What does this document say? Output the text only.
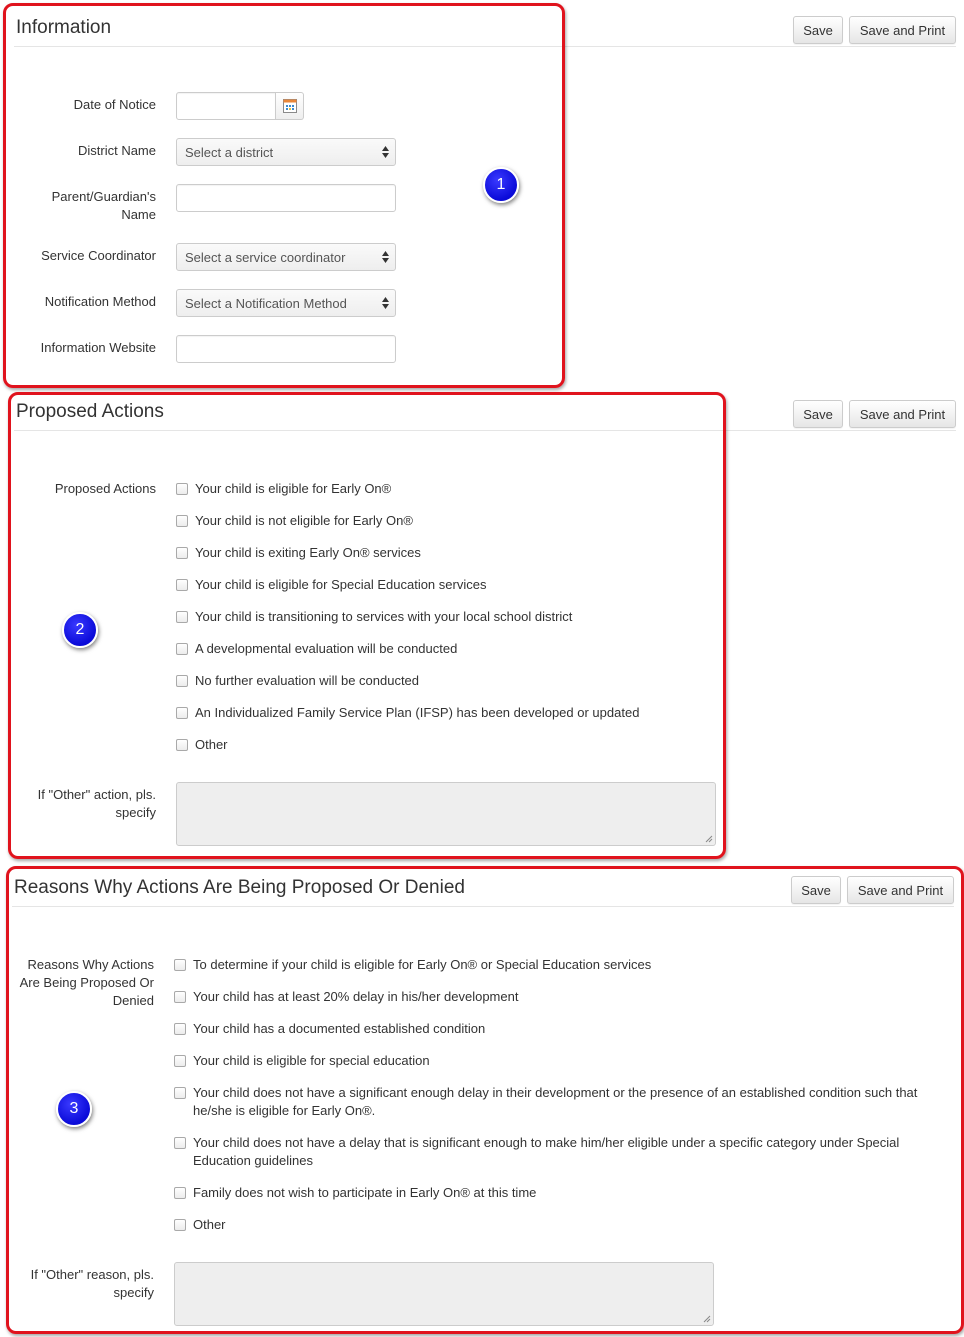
Information	Save	Save and Print
Date of Notice
District Name Select a district
Parent/Guardian's
Name
Service Coordinator Select a service coordinator
Notification Method Select a Notification Method
Information Website
1
Proposed Actions	Save	Save and Print
Proposed Actions	Your child is eligible for Early On®
Your child is not eligible for Early On®
Your child is exiting Early On® services
Your child is eligible for Special Education services
Your child is transitioning to services with your local school district
A developmental evaluation will be conducted
No further evaluation will be conducted
An Individualized Family Service Plan (IFSP) has been developed or updated
Other
If "Other" action, pls.
specify
2
Reasons Why Actions Are Being Proposed Or Denied	Save	Save and Print
Reasons Why Actions
Are Being Proposed Or
Denied
To determine if your child is eligible for Early On® or Special Education services
Your child has at least 20% delay in his/her development
Your child has a documented established condition
Your child is eligible for special education
Your child does not have a significant enough delay in their development or the presence of an established condition such that
he/she is eligible for Early On®.
Your child does not have a delay that is significant enough to make him/her eligible under a specific category under Special
Education guidelines
Family does not wish to participate in Early On® at this time
Other
If "Other" reason, pls.
specify
3
